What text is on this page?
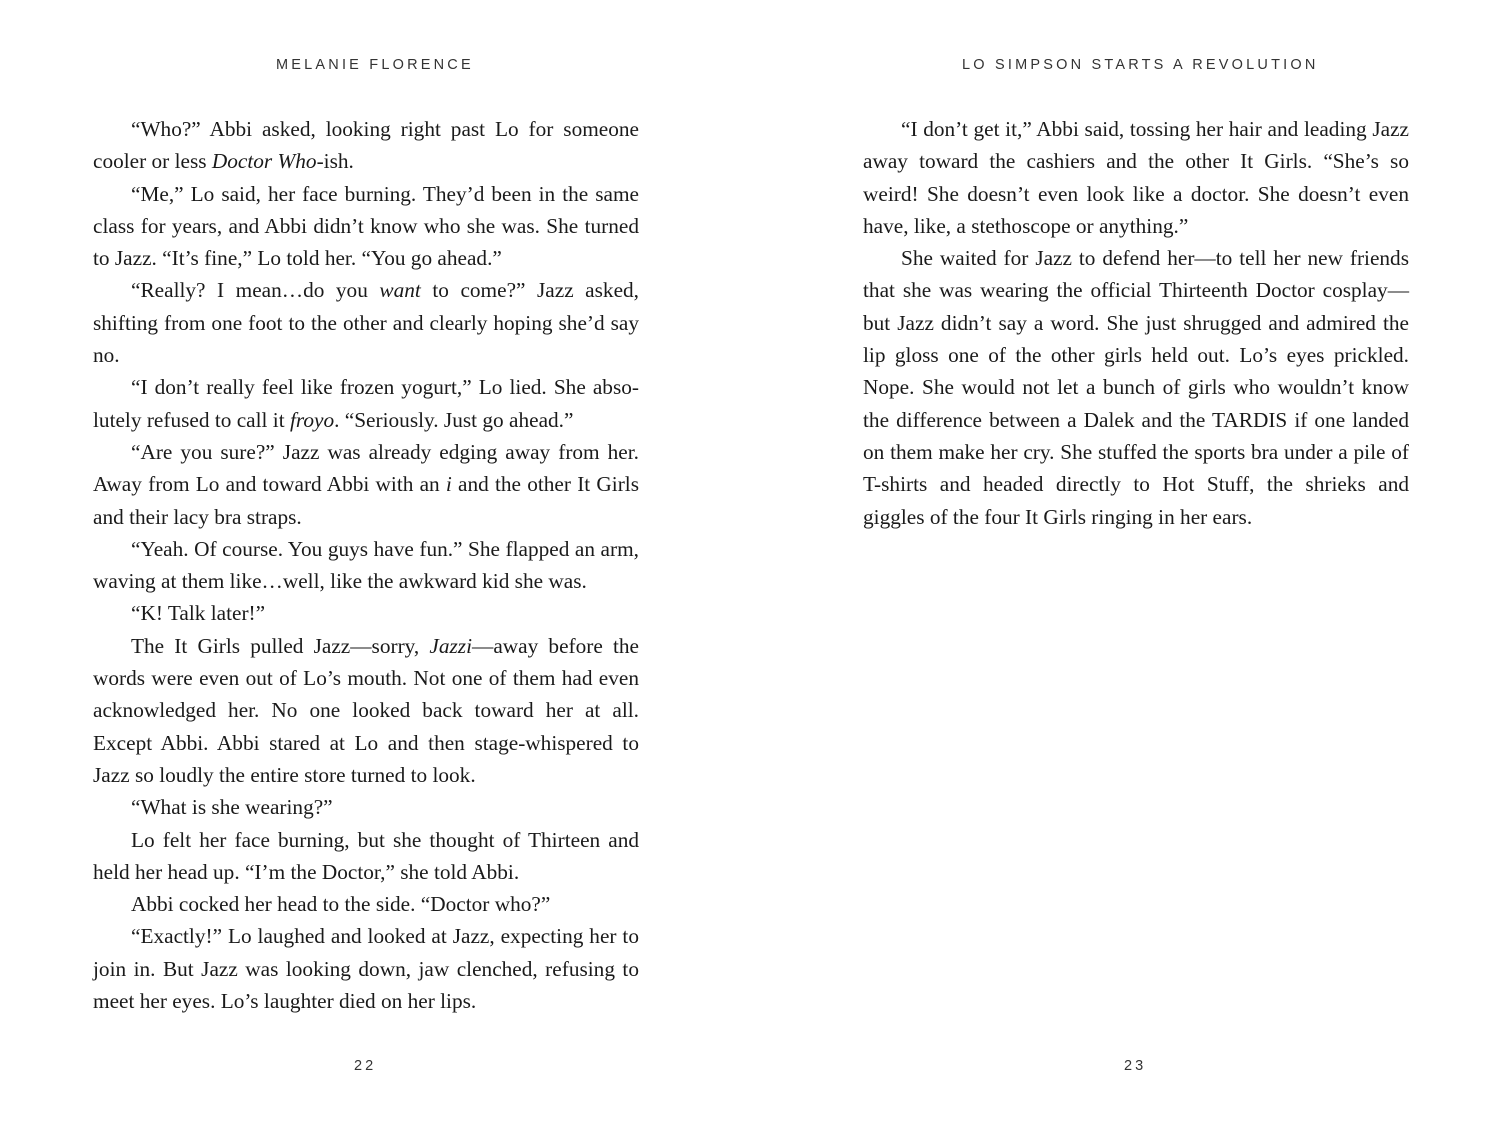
MELANIE FLORENCE

“Who?” Abbi asked, looking right past Lo for someone cooler or less Doctor Who-ish.

“Me,” Lo said, her face burning. They’d been in the same class for years, and Abbi didn’t know who she was. She turned to Jazz. “It’s fine,” Lo told her. “You go ahead.”

“Really? I mean…do you want to come?” Jazz asked, shifting from one foot to the other and clearly hoping she’d say no.

“I don’t really feel like frozen yogurt,” Lo lied. She abso-lutely refused to call it froyo. “Seriously. Just go ahead.”

“Are you sure?” Jazz was already edging away from her. Away from Lo and toward Abbi with an i and the other It Girls and their lacy bra straps.

“Yeah. Of course. You guys have fun.” She flapped an arm, waving at them like…well, like the awkward kid she was.

“K! Talk later!”

The It Girls pulled Jazz—sorry, Jazzi—away before the words were even out of Lo’s mouth. Not one of them had even acknowledged her. No one looked back toward her at all. Except Abbi. Abbi stared at Lo and then stage-whispered to Jazz so loudly the entire store turned to look.

“What is she wearing?”

Lo felt her face burning, but she thought of Thirteen and held her head up. “I’m the Doctor,” she told Abbi.

Abbi cocked her head to the side. “Doctor who?”

“Exactly!” Lo laughed and looked at Jazz, expecting her to join in. But Jazz was looking down, jaw clenched, refusing to meet her eyes. Lo’s laughter died on her lips.

22
LO SIMPSON STARTS A REVOLUTION

“I don’t get it,” Abbi said, tossing her hair and leading Jazz away toward the cashiers and the other It Girls. “She’s so weird! She doesn’t even look like a doctor. She doesn’t even have, like, a stethoscope or anything.”

She waited for Jazz to defend her—to tell her new friends that she was wearing the official Thirteenth Doctor cosplay—but Jazz didn’t say a word. She just shrugged and admired the lip gloss one of the other girls held out. Lo’s eyes prickled. Nope. She would not let a bunch of girls who wouldn’t know the difference between a Dalek and the TARDIS if one landed on them make her cry. She stuffed the sports bra under a pile of T-shirts and headed directly to Hot Stuff, the shrieks and giggles of the four It Girls ringing in her ears.

23
